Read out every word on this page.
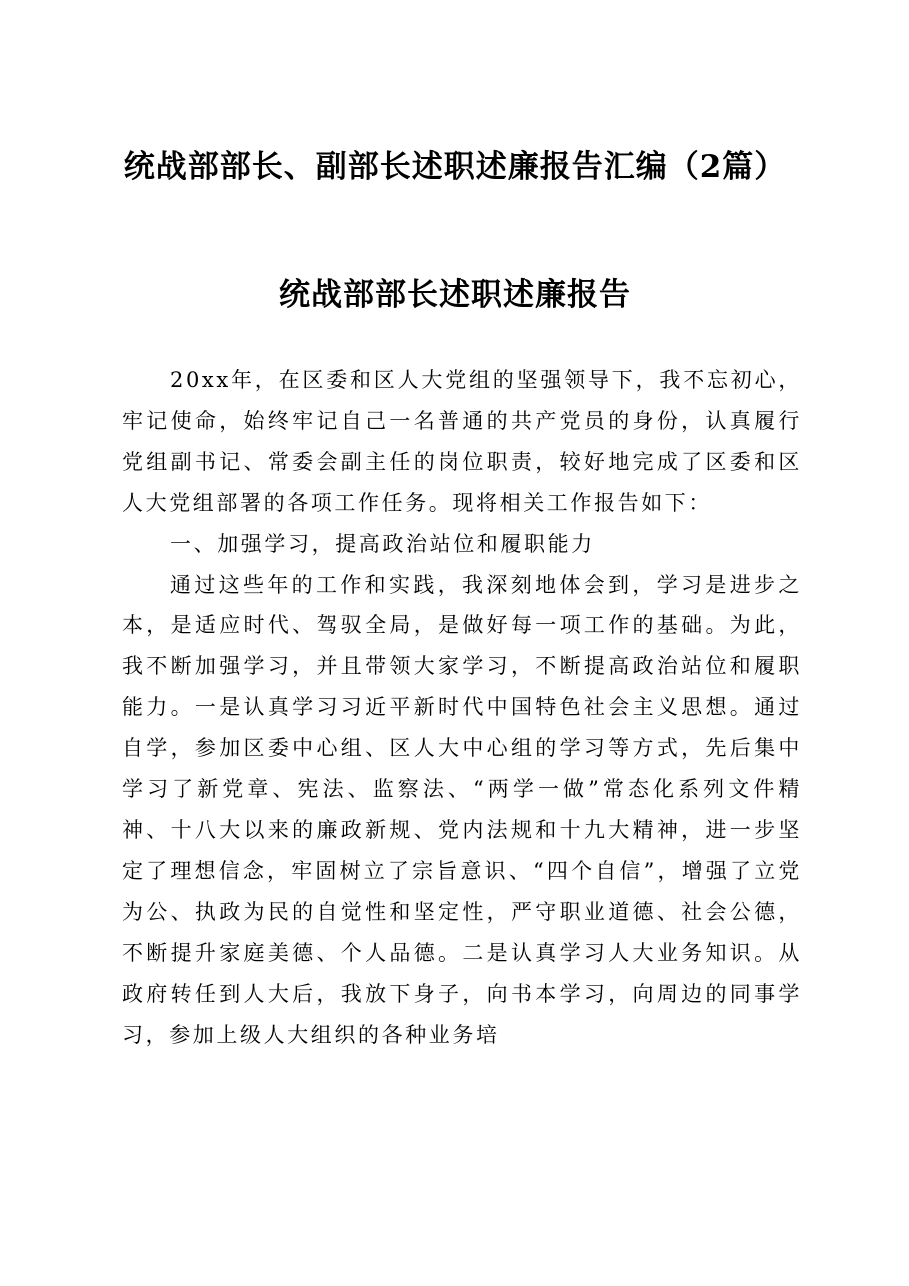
统战部部长、副部长述职述廉报告汇编（2篇）
统战部部长述职述廉报告

20xx年，在区委和区人大党组的坚强领导下，我不忘初心，牢记使命，始终牢记自己一名普通的共产党员的身份，认真履行党组副书记、常委会副主任的岗位职责，较好地完成了区委和区人大党组部署的各项工作任务。现将相关工作报告如下：

一、加强学习，提高政治站位和履职能力

通过这些年的工作和实践，我深刻地体会到，学习是进步之本，是适应时代、驾驭全局，是做好每一项工作的基础。为此，我不断加强学习，并且带领大家学习，不断提高政治站位和履职能力。一是认真学习习近平新时代中国特色社会主义思想。通过自学，参加区委中心组、区人大中心组的学习等方式，先后集中学习了新党章、宪法、监察法、“两学一做”常态化系列文件精神、十八大以来的廉政新规、党内法规和十九大精神，进一步坚定了理想信念，牢固树立了宗旨意识、“四个自信”，增强了立党为公、执政为民的自觉性和坚定性，严守职业道德、社会公德，不断提升家庭美德、个人品德。二是认真学习人大业务知识。从政府转任到人大后，我放下身子，向书本学习，向周边的同事学习，参加上级人大组织的各种业务培
